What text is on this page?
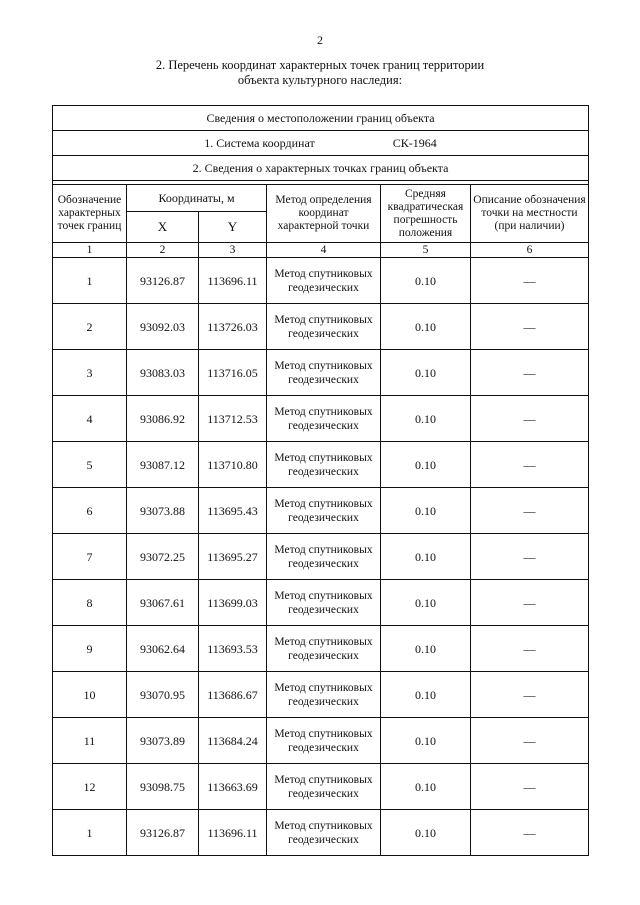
2
2. Перечень координат характерных точек границ территории
объекта культурного наследия:
Сведения о местоположении границ объекта					
1. Система координат СК-1964					
2. Сведения о характерных точках границ объекта					

Обозначение характерных точек границ	Координаты, м		Метод определения координат характерной точки	Средняя квадратическая погрешность положения	Описание обозначения точки на местности (при наличии)
	X	Y			
1	2	3	4	5	6
1	93126.87	113696.11	Метод спутниковых геодезических	0.10	—
2	93092.03	113726.03	Метод спутниковых геодезических	0.10	—
3	93083.03	113716.05	Метод спутниковых геодезических	0.10	—
4	93086.92	113712.53	Метод спутниковых геодезических	0.10	—
5	93087.12	113710.80	Метод спутниковых геодезических	0.10	—
6	93073.88	113695.43	Метод спутниковых геодезических	0.10	—
7	93072.25	113695.27	Метод спутниковых геодезических	0.10	—
8	93067.61	113699.03	Метод спутниковых геодезических	0.10	—
9	93062.64	113693.53	Метод спутниковых геодезических	0.10	—
10	93070.95	113686.67	Метод спутниковых геодезических	0.10	—
11	93073.89	113684.24	Метод спутниковых геодезических	0.10	—
12	93098.75	113663.69	Метод спутниковых геодезических	0.10	—
1	93126.87	113696.11	Метод спутниковых геодезических	0.10	—
